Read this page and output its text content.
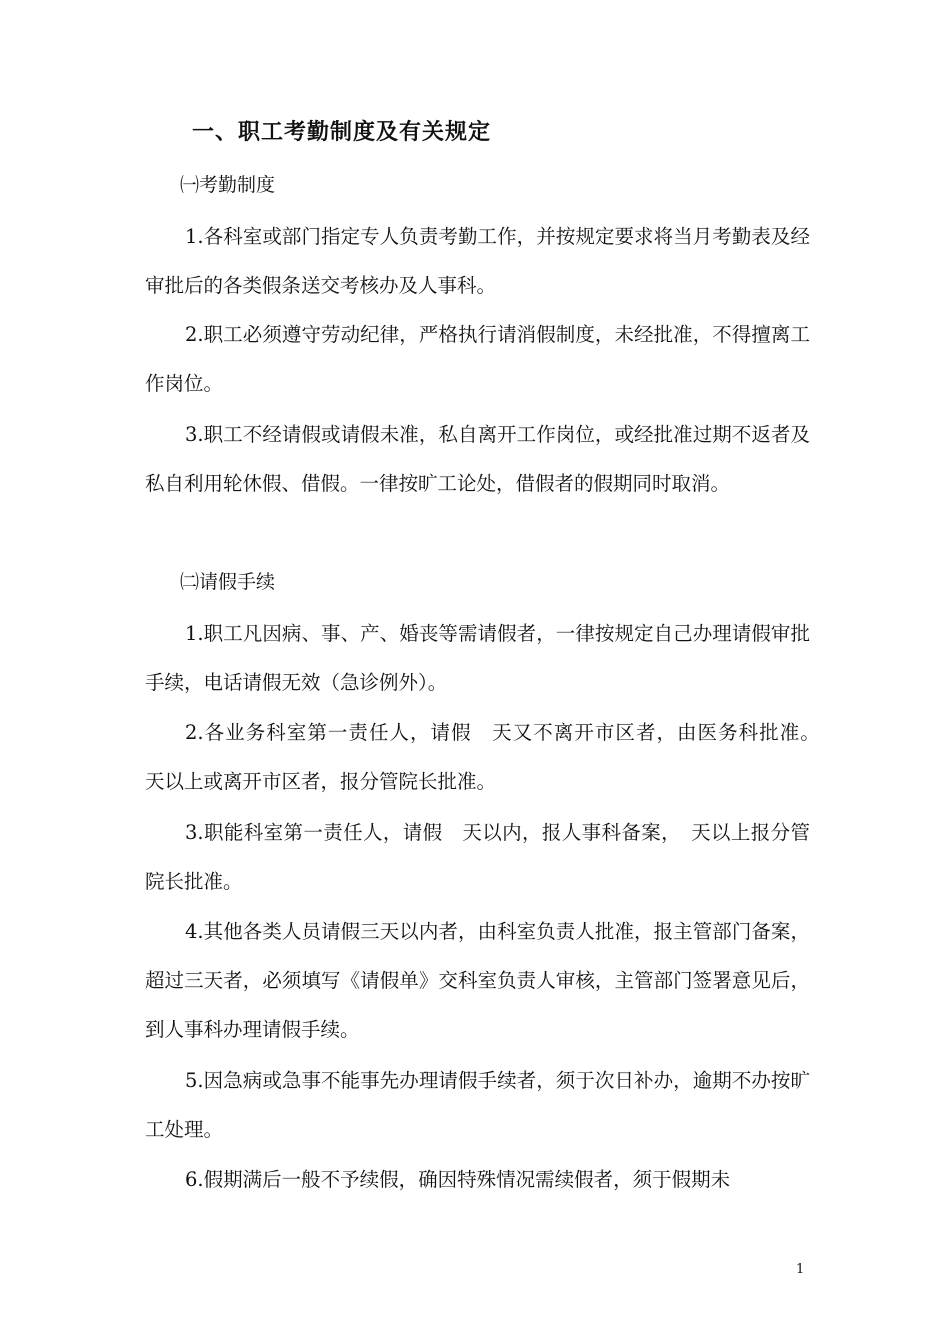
一、职工考勤制度及有关规定
㈠考勤制度

1.各科室或部门指定专人负责考勤工作，并按规定要求将当月考勤表及经审批后的各类假条送交考核办及人事科。

2.职工必须遵守劳动纪律，严格执行请消假制度，未经批准，不得擅离工作岗位。

3.职工不经请假或请假未准，私自离开工作岗位，或经批准过期不返者及私自利用轮休假、借假。一律按旷工论处，借假者的假期同时取消。

㈡请假手续

1.职工凡因病、事、产、婚丧等需请假者，一律按规定自己办理请假审批手续，电话请假无效（急诊例外）。

2.各业务科室第一责任人，请假　天又不离开市区者，由医务科批准。　天以上或离开市区者，报分管院长批准。

3.职能科室第一责任人，请假　天以内，报人事科备案，　天以上报分管院长批准。

4.其他各类人员请假三天以内者，由科室负责人批准，报主管部门备案，超过三天者，必须填写《请假单》交科室负责人审核，主管部门签署意见后，到人事科办理请假手续。

5.因急病或急事不能事先办理请假手续者，须于次日补办，逾期不办按旷工处理。

6.假期满后一般不予续假，确因特殊情况需续假者，须于假期未

1
